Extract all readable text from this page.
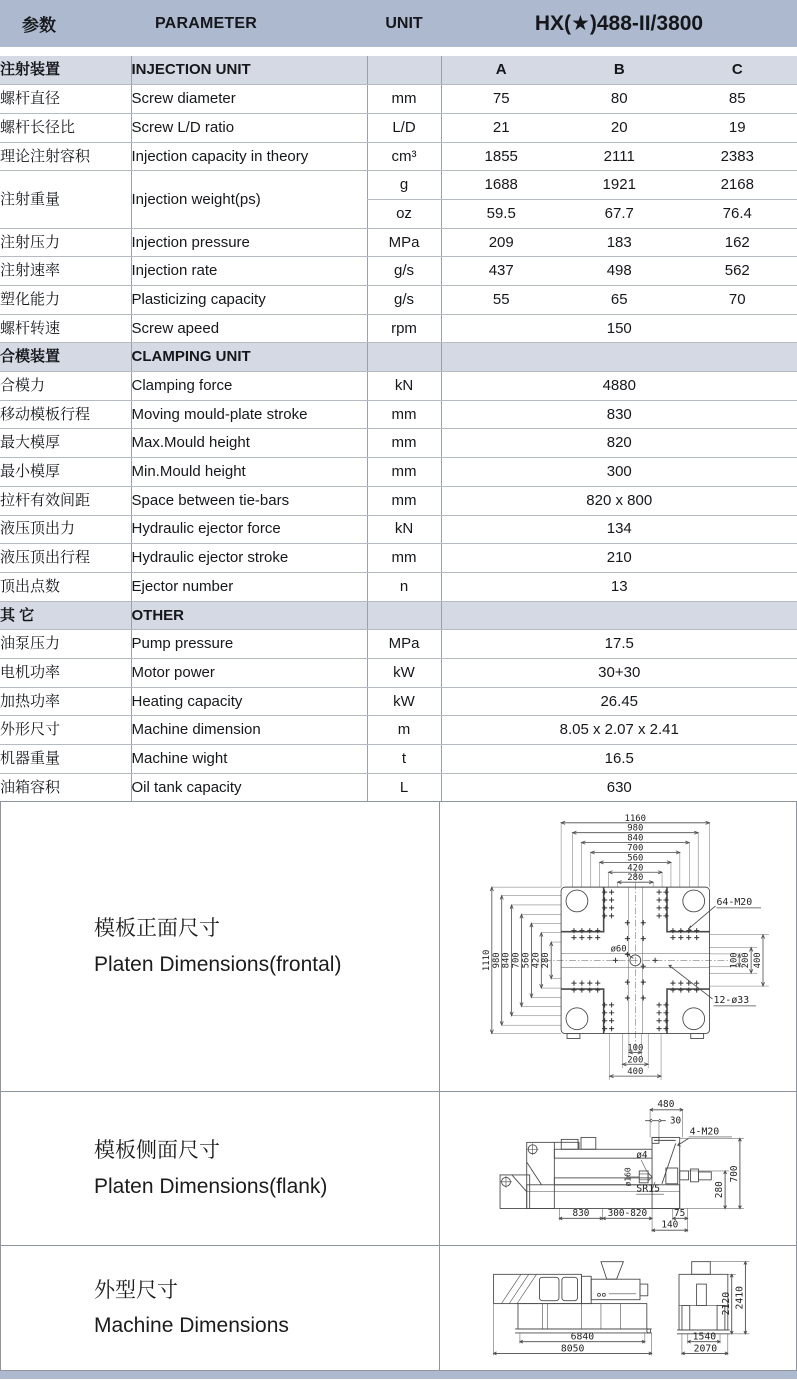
参数	PARAMETER	UNIT	HX(★)488-II/3800
注射装置	INJECTION UNIT		A B C
螺杆直径	Screw diameter	mm	75 80 85
螺杆长径比	Screw L/D ratio	L/D	21 20 19
理论注射容积	Injection capacity in theory	cm³	1855 2111 2383
注射重量	Injection weight(ps)	g	1688 1921 2168
		oz	59.5 67.7 76.4
注射压力	Injection pressure	MPa	209 183 162
注射速率	Injection rate	g/s	437 498 562
塑化能力	Plasticizing capacity	g/s	55 65 70
螺杆转速	Screw apeed	rpm	150
合模装置	CLAMPING UNIT		
合模力	Clamping force	kN	4880
移动模板行程	Moving mould-plate stroke	mm	830
最大模厚	Max.Mould height	mm	820
最小模厚	Min.Mould height	mm	300
拉杆有效间距	Space between tie-bars	mm	820 x 800
液压顶出力	Hydraulic ejector force	kN	134
液压顶出行程	Hydraulic ejector stroke	mm	210
顶出点数	Ejector number	n	13
其 它	OTHER		
油泵压力	Pump pressure	MPa	17.5
电机功率	Motor power	kW	30+30
加热功率	Heating capacity	kW	26.45
外形尺寸	Machine dimension	m	8.05 x 2.07 x 2.41
机器重量	Machine wight	t	16.5
油箱容积	Oil tank capacity	L	630
模板正面尺寸
Platen Dimensions(frontal)
1160
980
840
700
560
420
280
1110 980 840 700 560 420 280	100 200 400
100
200
400
64-M20
12-ø33
ø60
模板侧面尺寸
Platen Dimensions(flank)
480
30
4-M20
ø4
ø160
SR15	280
700
830 300-820	75
140
外型尺寸
Machine Dimensions
6840
8050
1540
2070
2120 2410
